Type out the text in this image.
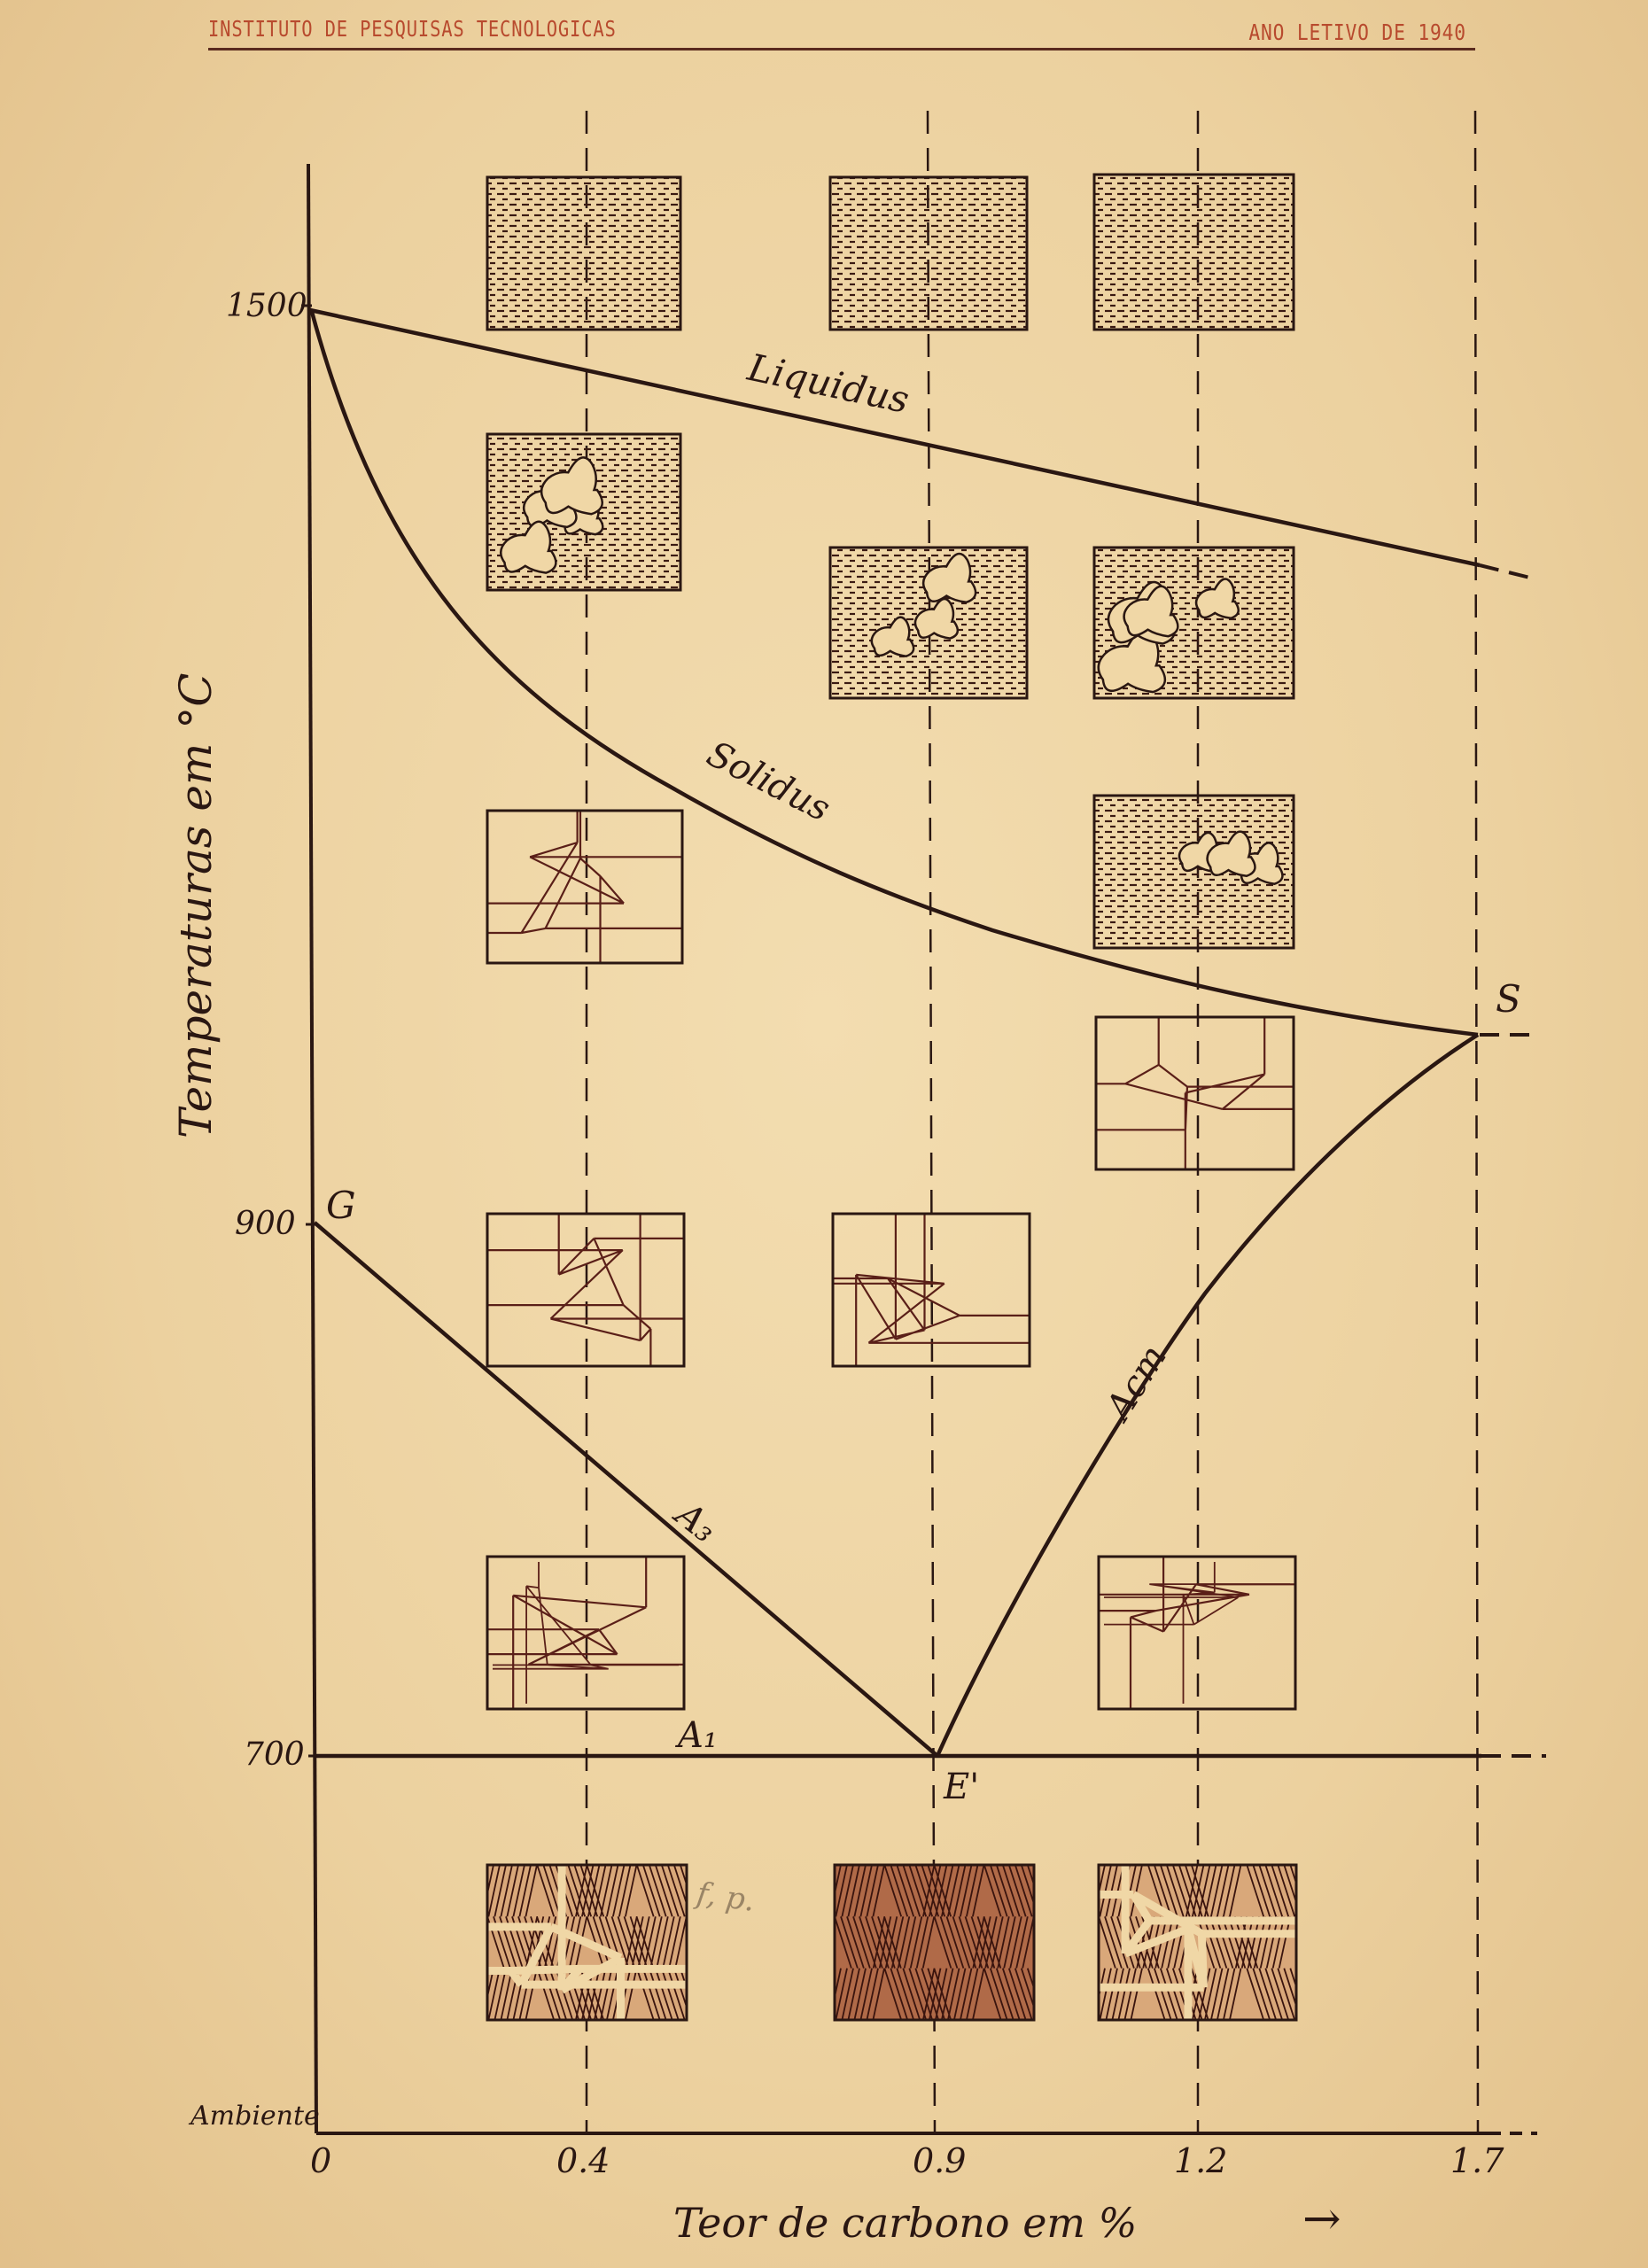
INSTITUTO DE PESQUISAS TECNOLOGICAS	ANO LETIVO DE 1940
Temperaturas em °C
Teor de carbono em %	→
0	0.4	0.9	1.2	1.7
1500
900
700
Ambiente
Liquidus
Solidus
A₃
Acm
A₁
G
S
E'
f, p.
